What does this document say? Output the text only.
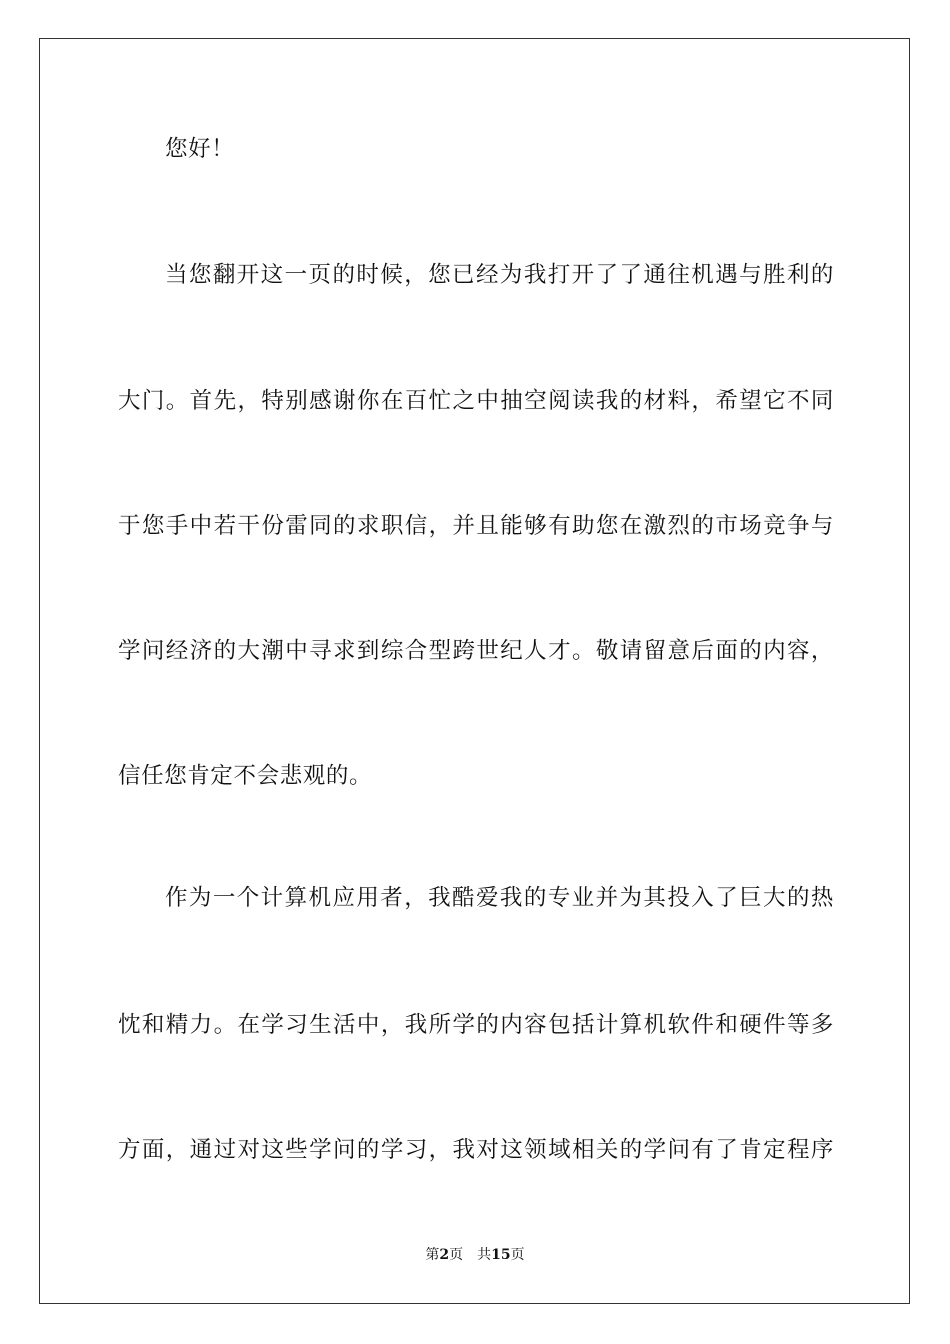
您好！
当您翻开这一页的时候，您已经为我打开了了通往机遇与胜利的
大门。首先，特别感谢你在百忙之中抽空阅读我的材料，希望它不同
于您手中若干份雷同的求职信，并且能够有助您在激烈的市场竞争与
学问经济的大潮中寻求到综合型跨世纪人才。敬请留意后面的内容，
信任您肯定不会悲观的。
作为一个计算机应用者，我酷爱我的专业并为其投入了巨大的热
忱和精力。在学习生活中，我所学的内容包括计算机软件和硬件等多
方面，通过对这些学问的学习，我对这领域相关的学问有了肯定程序
第2页 共15页
